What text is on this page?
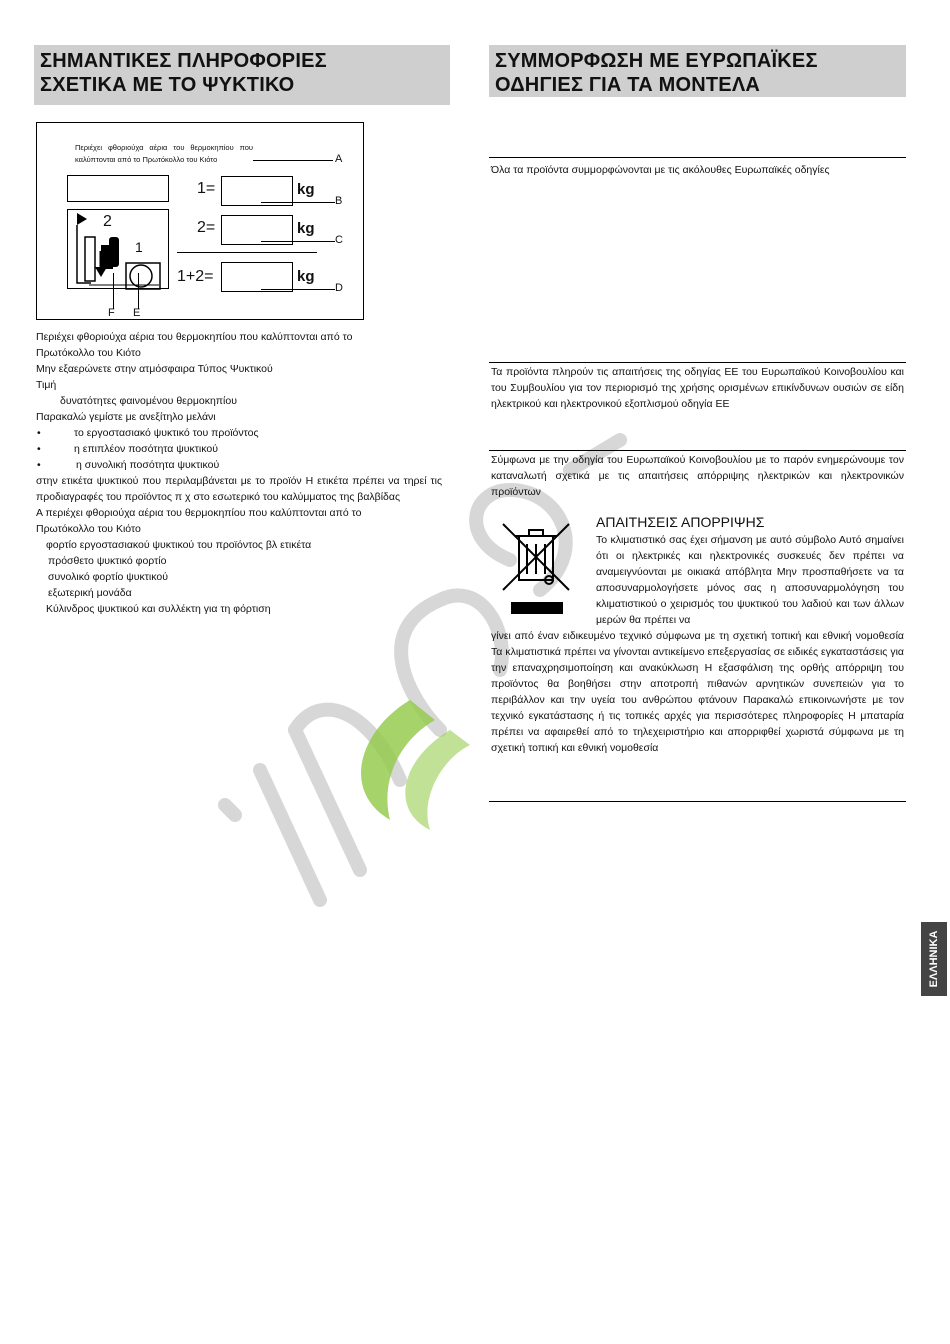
ΣΗΜΑΝΤΙΚΕΣ ΠΛΗΡΟΦΟΡΙΕΣ
ΣΧΕΤΙΚΑ ΜΕ ΤΟ ΨΥΚΤΙΚΟ
Περιέχει φθοριούχα αέρια του θερμοκηπίου που καλύπτονται από το Πρωτόκολλο του Κιότο
1=	kg
2=	kg
1+2=	kg
2
1
A
B
C
D
F E
Περιέχει φθοριούχα αέρια του θερμοκηπίου που καλύπτονται από το
Πρωτόκολλο του Κιότο
Μην εξαερώνετε στην ατμόσφαιρα Τύπος Ψυκτικού
Τιμή
δυνατότητες φαινομένου θερμοκηπίου
Παρακαλώ γεμίστε με ανεξίτηλο μελάνι
• το εργοστασιακό ψυκτικό του προϊόντος
• η επιπλέον ποσότητα ψυκτικού
• η συνολική ποσότητα ψυκτικού
στην ετικέτα ψυκτικού που περιλαμβάνεται με το προϊόν Η ετικέτα πρέπει να τηρεί τις προδιαγραφές του προϊόντος π χ στο εσωτερικό του καλύμματος της βαλβίδας
Α περιέχει φθοριούχα αέρια του θερμοκηπίου που καλύπτονται από το
Πρωτόκολλο του Κιότο
φορτίο εργοστασιακού ψυκτικού του προϊόντος βλ ετικέτα
πρόσθετο ψυκτικό φορτίο
συνολικό φορτίο ψυκτικού
εξωτερική μονάδα
Κύλινδρος ψυκτικού και συλλέκτη για τη φόρτιση
ΣΥΜΜΟΡΦΩΣΗ ΜΕ ΕΥΡΩΠΑΪΚΕΣ
ΟΔΗΓΙΕΣ ΓΙΑ ΤΑ ΜΟΝΤΕΛΑ
Όλα τα προϊόντα συμμορφώνονται με τις ακόλουθες Ευρωπαϊκές οδηγίες
Τα προϊόντα πληρούν τις απαιτήσεις της οδηγίας ΕΕ του Ευρωπαϊκού Κοινοβουλίου και του Συμβουλίου για τον περιορισμό της χρήσης ορισμένων επικίνδυνων ουσιών σε είδη ηλεκτρικού και ηλεκτρονικού εξοπλισμού οδηγία ΕΕ
Σύμφωνα με την οδηγία του Ευρωπαϊκού Κοινοβουλίου με το παρόν ενημερώνουμε τον καταναλωτή σχετικά με τις απαιτήσεις απόρριψης ηλεκτρικών και ηλεκτρονικών προϊόντων
ΑΠΑΙΤΗΣΕΙΣ ΑΠΟΡΡΙΨΗΣ
Το κλιματιστικό σας έχει σήμανση με αυτό σύμβολο Αυτό σημαίνει ότι οι ηλεκτρικές και ηλεκτρονικές συσκευές δεν πρέπει να αναμειγνύονται με οικιακά απόβλητα Μην προσπαθήσετε να τα αποσυναρμολογήσετε μόνος σας η αποσυναρμολόγηση του κλιματιστικού ο χειρισμός του ψυκτικού του λαδιού και των άλλων μερών θα πρέπει να
γίνει από έναν ειδικευμένο τεχνικό σύμφωνα με τη σχετική τοπική και εθνική νομοθεσία Τα κλιματιστικά πρέπει να γίνονται αντικείμενο επεξεργασίας σε ειδικές εγκαταστάσεις για την επαναχρησιμοποίηση και ανακύκλωση Η εξασφάλιση της ορθής απόρριψη του προϊόντος θα βοηθήσει στην αποτροπή πιθανών αρνητικών συνεπειών για το περιβάλλον και την υγεία του ανθρώπου φτάνουν Παρακαλώ επικοινωνήστε με τον τεχνικό εγκατάστασης ή τις τοπικές αρχές για περισσότερες πληροφορίες Η μπαταρία πρέπει να αφαιρεθεί από το τηλεχειριστήριο και απορριφθεί χωριστά σύμφωνα με τη σχετική τοπική και εθνική νομοθεσία
ΕΛΛΗΝΙΚΑ
